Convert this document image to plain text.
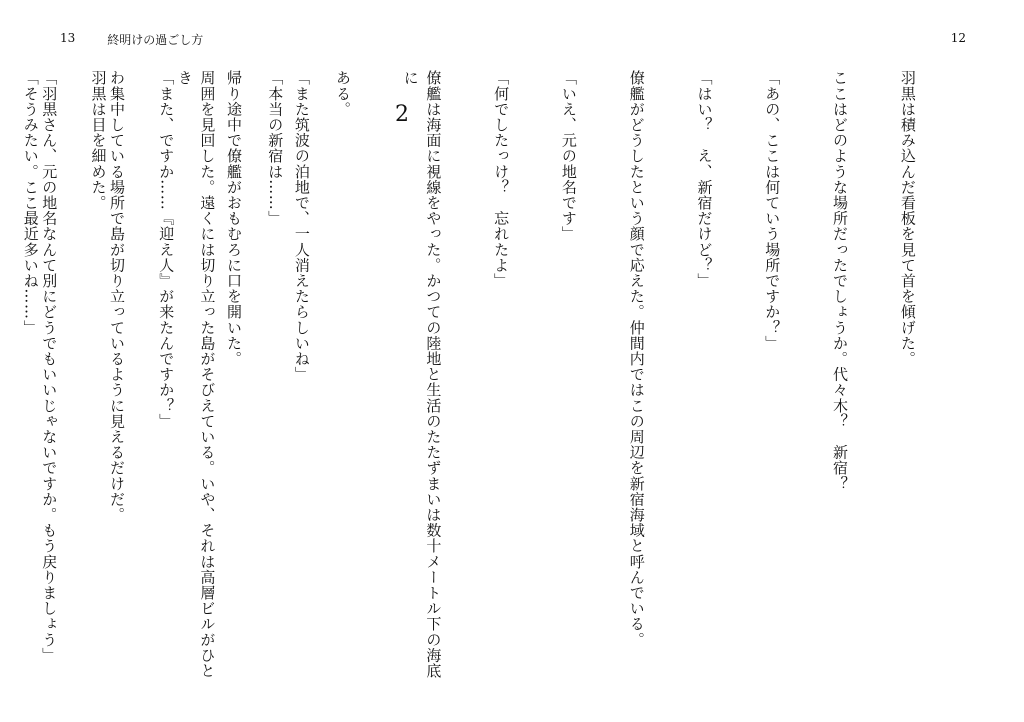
13	終明けの過ごし方	12

羽黒は積み込んだ看板を見て首を傾げた。

ここはどのような場所だったでしょうか。代々木？　新宿？

「あの、ここは何ていう場所ですか？」

「はい？　え、新宿だけど？」

僚艦がどうしたという顔で応えた。仲間内ではこの周辺を新宿海域と呼んでいる。

「いえ、元の地名です」

「何でしたっけ？　忘れたよ」

僚艦は海面に視線をやった。かつての陸地と生活のたたずまいは数十メートル下の海底に

ある。

「本当の新宿は……」

周囲を見回した。遠くには切り立った島がそびえている。いや、それは高層ビルがひとき

わ集中している場所で島が切り立っているように見えるだけだ。

「羽黒さん、元の地名なんて別にどうでもいいじゃないですか。もう戻りましょう」

	2

「また筑波の泊地で、一人消えたらしいね」

帰り途中で僚艦がおもむろに口を開いた。

「また、ですか……『迎え人』が来たんですか？」

羽黒は目を細めた。

「そうみたい。ここ最近多いね……」
